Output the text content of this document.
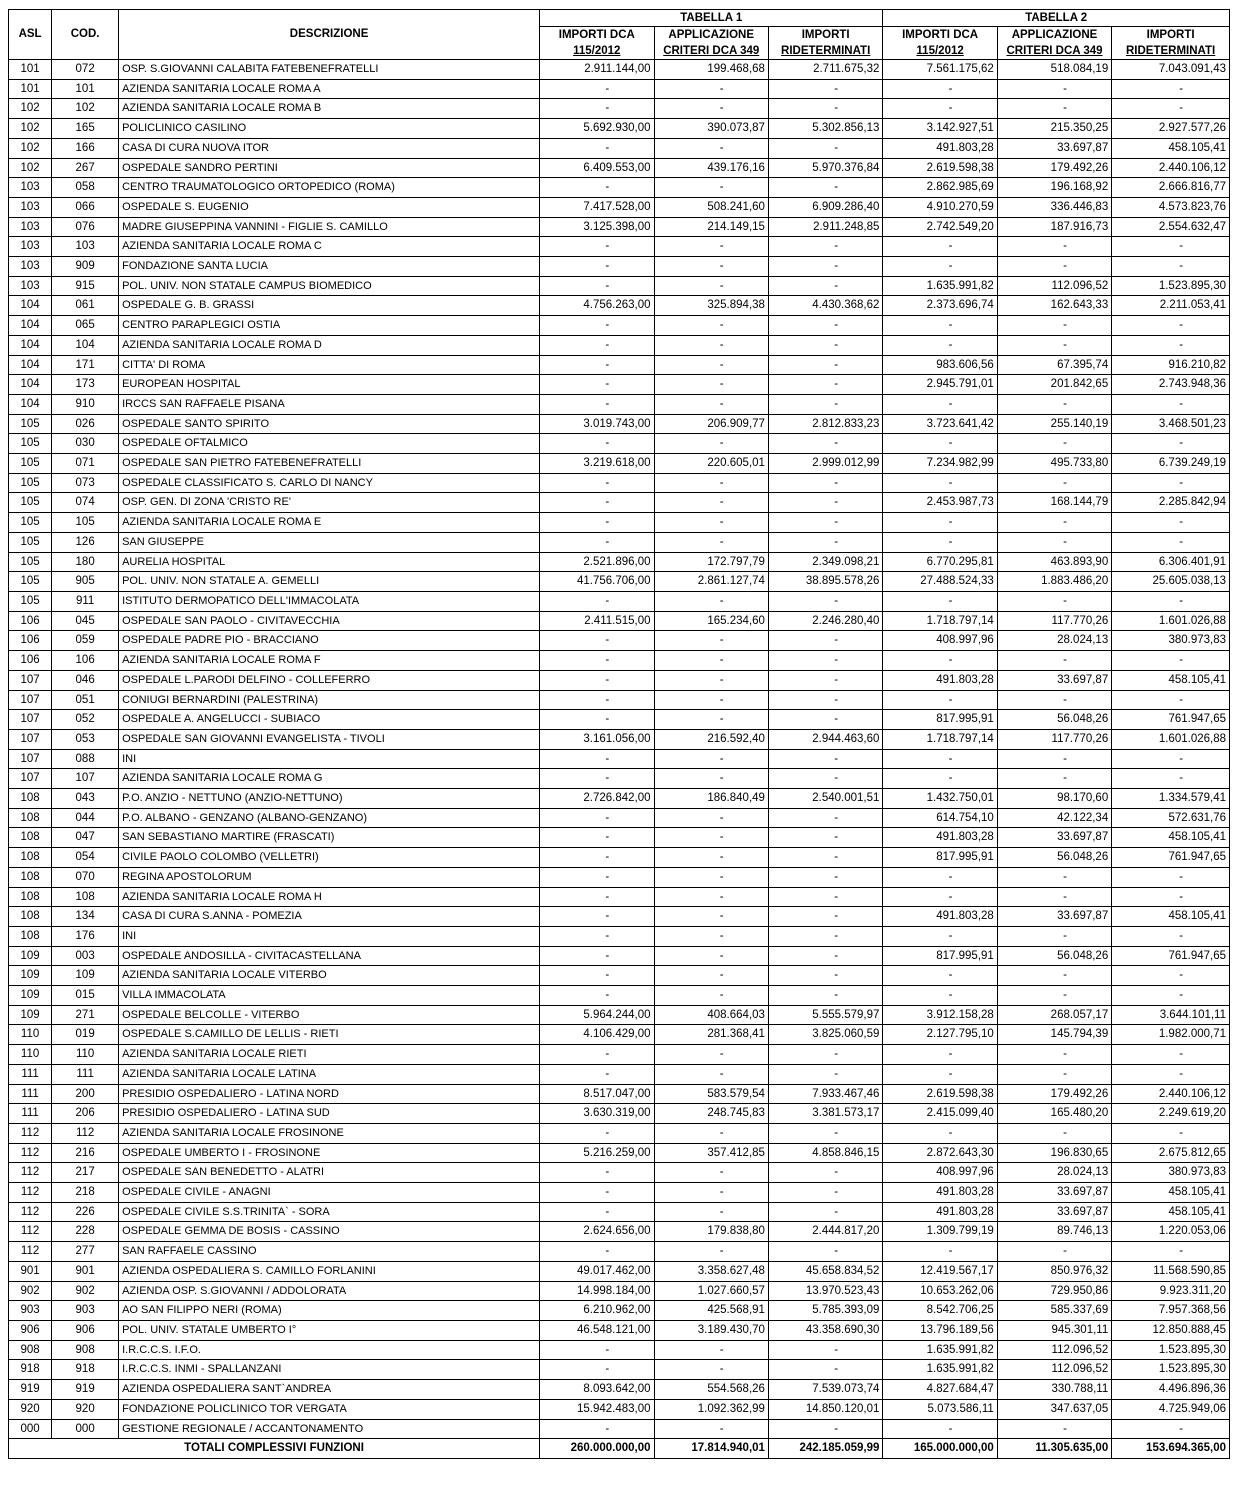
ASL	COD.	DESCRIZIONE	TABELLA 1			TABELLA 2		
			IMPORTI DCA	APPLICAZIONE	IMPORTI	IMPORTI DCA	APPLICAZIONE	IMPORTI
			115/2012	CRITERI DCA 349	RIDETERMINATI	115/2012	CRITERI DCA 349	RIDETERMINATI
101	072	OSP. S.GIOVANNI CALABITA FATEBENEFRATELLI	2.911.144,00	199.468,68	2.711.675,32	7.561.175,62	518.084,19	7.043.091,43
101	101	AZIENDA SANITARIA LOCALE ROMA A	-	-	-	-	-	-
102	102	AZIENDA SANITARIA LOCALE ROMA B	-	-	-	-	-	-
102	165	POLICLINICO CASILINO	5.692.930,00	390.073,87	5.302.856,13	3.142.927,51	215.350,25	2.927.577,26
102	166	CASA DI CURA NUOVA ITOR	-	-	-	491.803,28	33.697,87	458.105,41
102	267	OSPEDALE SANDRO PERTINI	6.409.553,00	439.176,16	5.970.376,84	2.619.598,38	179.492,26	2.440.106,12
103	058	CENTRO TRAUMATOLOGICO ORTOPEDICO (ROMA)	-	-	-	2.862.985,69	196.168,92	2.666.816,77
103	066	OSPEDALE S. EUGENIO	7.417.528,00	508.241,60	6.909.286,40	4.910.270,59	336.446,83	4.573.823,76
103	076	MADRE GIUSEPPINA VANNINI - FIGLIE S. CAMILLO	3.125.398,00	214.149,15	2.911.248,85	2.742.549,20	187.916,73	2.554.632,47
103	103	AZIENDA SANITARIA LOCALE ROMA C	-	-	-	-	-	-
103	909	FONDAZIONE SANTA LUCIA	-	-	-	-	-	-
103	915	POL. UNIV. NON STATALE CAMPUS BIOMEDICO	-	-	-	1.635.991,82	112.096,52	1.523.895,30
104	061	OSPEDALE G. B. GRASSI	4.756.263,00	325.894,38	4.430.368,62	2.373.696,74	162.643,33	2.211.053,41
104	065	CENTRO PARAPLEGICI OSTIA	-	-	-	-	-	-
104	104	AZIENDA SANITARIA LOCALE ROMA D	-	-	-	-	-	-
104	171	CITTA' DI ROMA	-	-	-	983.606,56	67.395,74	916.210,82
104	173	EUROPEAN HOSPITAL	-	-	-	2.945.791,01	201.842,65	2.743.948,36
104	910	IRCCS SAN RAFFAELE PISANA	-	-	-	-	-	-
105	026	OSPEDALE SANTO SPIRITO	3.019.743,00	206.909,77	2.812.833,23	3.723.641,42	255.140,19	3.468.501,23
105	030	OSPEDALE OFTALMICO	-	-	-	-	-	-
105	071	OSPEDALE SAN PIETRO FATEBENEFRATELLI	3.219.618,00	220.605,01	2.999.012,99	7.234.982,99	495.733,80	6.739.249,19
105	073	OSPEDALE CLASSIFICATO S. CARLO DI NANCY	-	-	-	-	-	-
105	074	OSP. GEN. DI ZONA 'CRISTO RE'	-	-	-	2.453.987,73	168.144,79	2.285.842,94
105	105	AZIENDA SANITARIA LOCALE ROMA E	-	-	-	-	-	-
105	126	SAN GIUSEPPE	-	-	-	-	-	-
105	180	AURELIA HOSPITAL	2.521.896,00	172.797,79	2.349.098,21	6.770.295,81	463.893,90	6.306.401,91
105	905	POL. UNIV. NON STATALE A. GEMELLI	41.756.706,00	2.861.127,74	38.895.578,26	27.488.524,33	1.883.486,20	25.605.038,13
105	911	ISTITUTO DERMOPATICO DELL'IMMACOLATA	-	-	-	-	-	-
106	045	OSPEDALE SAN PAOLO - CIVITAVECCHIA	2.411.515,00	165.234,60	2.246.280,40	1.718.797,14	117.770,26	1.601.026,88
106	059	OSPEDALE PADRE PIO - BRACCIANO	-	-	-	408.997,96	28.024,13	380.973,83
106	106	AZIENDA SANITARIA LOCALE ROMA F	-	-	-	-	-	-
107	046	OSPEDALE L.PARODI DELFINO - COLLEFERRO	-	-	-	491.803,28	33.697,87	458.105,41
107	051	CONIUGI BERNARDINI (PALESTRINA)	-	-	-	-	-	-
107	052	OSPEDALE A. ANGELUCCI - SUBIACO	-	-	-	817.995,91	56.048,26	761.947,65
107	053	OSPEDALE SAN GIOVANNI EVANGELISTA - TIVOLI	3.161.056,00	216.592,40	2.944.463,60	1.718.797,14	117.770,26	1.601.026,88
107	088	INI	-	-	-	-	-	-
107	107	AZIENDA SANITARIA LOCALE ROMA G	-	-	-	-	-	-
108	043	P.O. ANZIO - NETTUNO (ANZIO-NETTUNO)	2.726.842,00	186.840,49	2.540.001,51	1.432.750,01	98.170,60	1.334.579,41
108	044	P.O. ALBANO - GENZANO (ALBANO-GENZANO)	-	-	-	614.754,10	42.122,34	572.631,76
108	047	SAN SEBASTIANO MARTIRE (FRASCATI)	-	-	-	491.803,28	33.697,87	458.105,41
108	054	CIVILE PAOLO COLOMBO (VELLETRI)	-	-	-	817.995,91	56.048,26	761.947,65
108	070	REGINA APOSTOLORUM	-	-	-	-	-	-
108	108	AZIENDA SANITARIA LOCALE ROMA H	-	-	-	-	-	-
108	134	CASA DI CURA S.ANNA - POMEZIA	-	-	-	491.803,28	33.697,87	458.105,41
108	176	INI	-	-	-	-	-	-
109	003	OSPEDALE ANDOSILLA - CIVITACASTELLANA	-	-	-	817.995,91	56.048,26	761.947,65
109	109	AZIENDA SANITARIA LOCALE VITERBO	-	-	-	-	-	-
109	015	VILLA IMMACOLATA	-	-	-	-	-	-
109	271	OSPEDALE BELCOLLE - VITERBO	5.964.244,00	408.664,03	5.555.579,97	3.912.158,28	268.057,17	3.644.101,11
110	019	OSPEDALE S.CAMILLO DE LELLIS - RIETI	4.106.429,00	281.368,41	3.825.060,59	2.127.795,10	145.794,39	1.982.000,71
110	110	AZIENDA SANITARIA LOCALE RIETI	-	-	-	-	-	-
111	111	AZIENDA SANITARIA LOCALE LATINA	-	-	-	-	-	-
111	200	PRESIDIO OSPEDALIERO - LATINA NORD	8.517.047,00	583.579,54	7.933.467,46	2.619.598,38	179.492,26	2.440.106,12
111	206	PRESIDIO OSPEDALIERO - LATINA SUD	3.630.319,00	248.745,83	3.381.573,17	2.415.099,40	165.480,20	2.249.619,20
112	112	AZIENDA SANITARIA LOCALE FROSINONE	-	-	-	-	-	-
112	216	OSPEDALE UMBERTO I - FROSINONE	5.216.259,00	357.412,85	4.858.846,15	2.872.643,30	196.830,65	2.675.812,65
112	217	OSPEDALE SAN BENEDETTO - ALATRI	-	-	-	408.997,96	28.024,13	380.973,83
112	218	OSPEDALE CIVILE - ANAGNI	-	-	-	491.803,28	33.697,87	458.105,41
112	226	OSPEDALE CIVILE S.S.TRINITA` - SORA	-	-	-	491.803,28	33.697,87	458.105,41
112	228	OSPEDALE GEMMA DE BOSIS - CASSINO	2.624.656,00	179.838,80	2.444.817,20	1.309.799,19	89.746,13	1.220.053,06
112	277	SAN RAFFAELE CASSINO	-	-	-	-	-	-
901	901	AZIENDA OSPEDALIERA S. CAMILLO FORLANINI	49.017.462,00	3.358.627,48	45.658.834,52	12.419.567,17	850.976,32	11.568.590,85
902	902	AZIENDA OSP. S.GIOVANNI / ADDOLORATA	14.998.184,00	1.027.660,57	13.970.523,43	10.653.262,06	729.950,86	9.923.311,20
903	903	AO SAN FILIPPO NERI (ROMA)	6.210.962,00	425.568,91	5.785.393,09	8.542.706,25	585.337,69	7.957.368,56
906	906	POL. UNIV. STATALE UMBERTO I°	46.548.121,00	3.189.430,70	43.358.690,30	13.796.189,56	945.301,11	12.850.888,45
908	908	I.R.C.C.S. I.F.O.	-	-	-	1.635.991,82	112.096,52	1.523.895,30
918	918	I.R.C.C.S. INMI - SPALLANZANI	-	-	-	1.635.991,82	112.096,52	1.523.895,30
919	919	AZIENDA OSPEDALIERA SANT`ANDREA	8.093.642,00	554.568,26	7.539.073,74	4.827.684,47	330.788,11	4.496.896,36
920	920	FONDAZIONE POLICLINICO TOR VERGATA	15.942.483,00	1.092.362,99	14.850.120,01	5.073.586,11	347.637,05	4.725.949,06
000	000	GESTIONE REGIONALE / ACCANTONAMENTO	-	-	-	-	-	-
TOTALI COMPLESSIVI FUNZIONI			260.000.000,00	17.814.940,01	242.185.059,99	165.000.000,00	11.305.635,00	153.694.365,00
